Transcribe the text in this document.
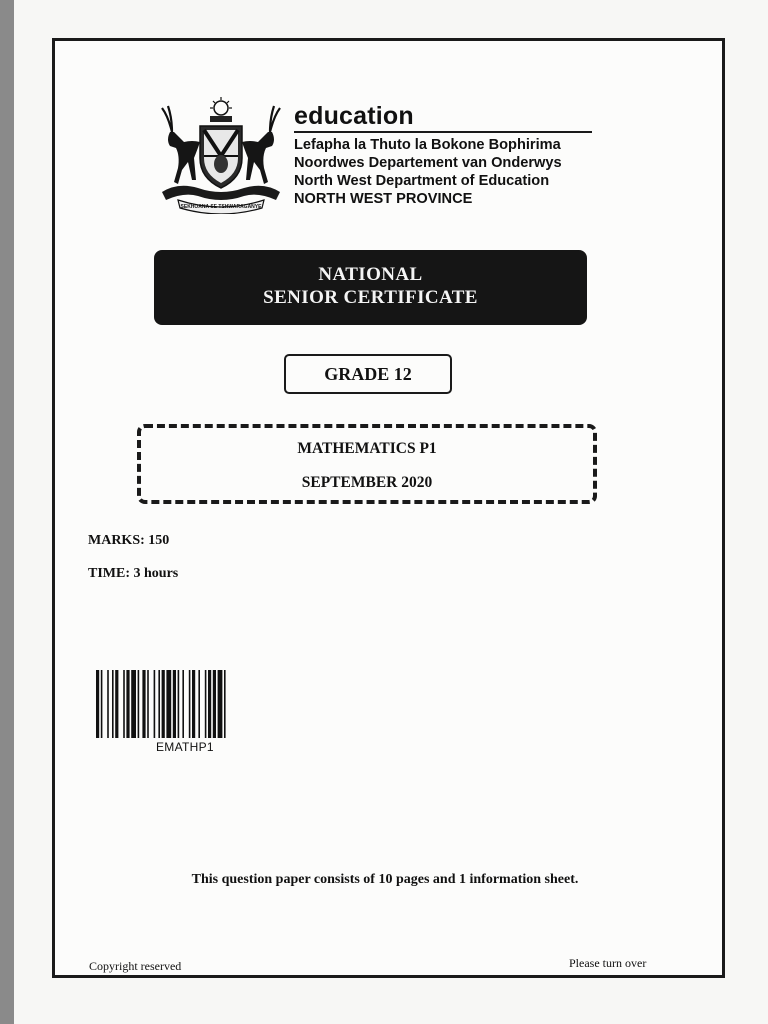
SEKHOANA SE TSHWARAGANYE
education
Lefapha la Thuto la Bokone Bophirima
Noordwes Departement van Onderwys
North West Department of Education
NORTH WEST PROVINCE
NATIONAL
SENIOR CERTIFICATE
GRADE 12
MATHEMATICS P1
SEPTEMBER 2020
MARKS: 150
TIME: 3 hours
EMATHP1
This question paper consists of 10 pages and 1 information sheet.
Copyright reserved	Please turn over
